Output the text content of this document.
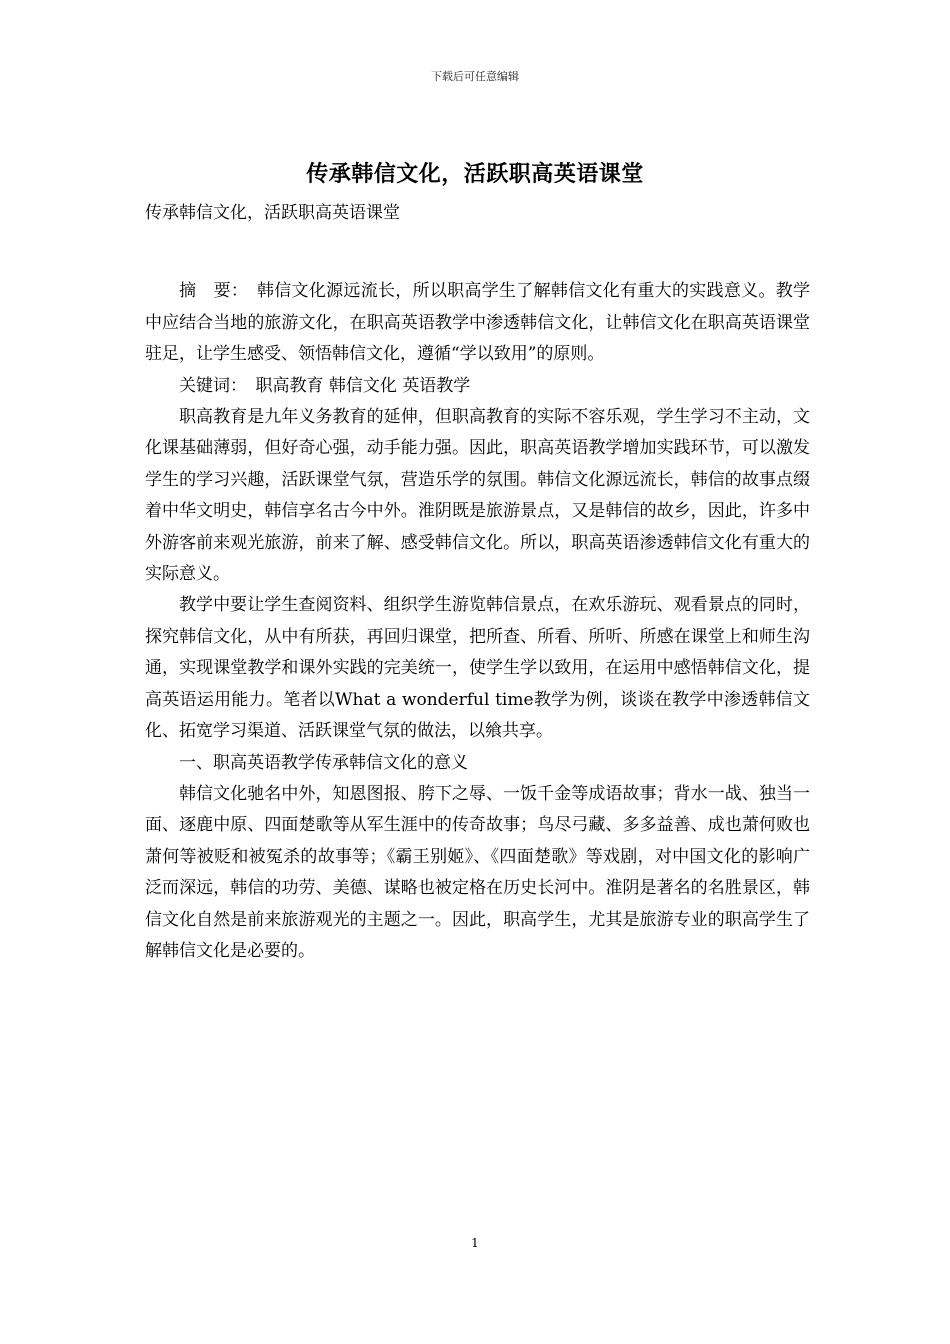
下载后可任意编辑
传承韩信文化，活跃职高英语课堂

传承韩信文化，活跃职高英语课堂

摘　要：　韩信文化源远流长，所以职高学生了解韩信文化有重大的实践意义。教学中应结合当地的旅游文化，在职高英语教学中渗透韩信文化，让韩信文化在职高英语课堂驻足，让学生感受、领悟韩信文化，遵循“学以致用”的原则。

关键词：　职高教育 韩信文化 英语教学

职高教育是九年义务教育的延伸，但职高教育的实际不容乐观，学生学习不主动，文化课基础薄弱，但好奇心强，动手能力强。因此，职高英语教学增加实践环节，可以激发学生的学习兴趣，活跃课堂气氛，营造乐学的氛围。韩信文化源远流长，韩信的故事点缀着中华文明史，韩信享名古今中外。淮阴既是旅游景点，又是韩信的故乡，因此，许多中外游客前来观光旅游，前来了解、感受韩信文化。所以，职高英语渗透韩信文化有重大的实际意义。

教学中要让学生查阅资料、组织学生游览韩信景点，在欢乐游玩、观看景点的同时，探究韩信文化，从中有所获，再回归课堂，把所查、所看、所听、所感在课堂上和师生沟通，实现课堂教学和课外实践的完美统一，使学生学以致用，在运用中感悟韩信文化，提高英语运用能力。笔者以What a wonderful time教学为例，谈谈在教学中渗透韩信文化、拓宽学习渠道、活跃课堂气氛的做法，以飨共享。

一、职高英语教学传承韩信文化的意义

韩信文化驰名中外，知恩图报、胯下之辱、一饭千金等成语故事；背水一战、独当一面、逐鹿中原、四面楚歌等从军生涯中的传奇故事；鸟尽弓藏、多多益善、成也萧何败也萧何等被贬和被冤杀的故事等；《霸王别姬》、《四面楚歌》等戏剧，对中国文化的影响广泛而深远，韩信的功劳、美德、谋略也被定格在历史长河中。淮阴是著名的名胜景区，韩信文化自然是前来旅游观光的主题之一。因此，职高学生，尤其是旅游专业的职高学生了解韩信文化是必要的。

1
